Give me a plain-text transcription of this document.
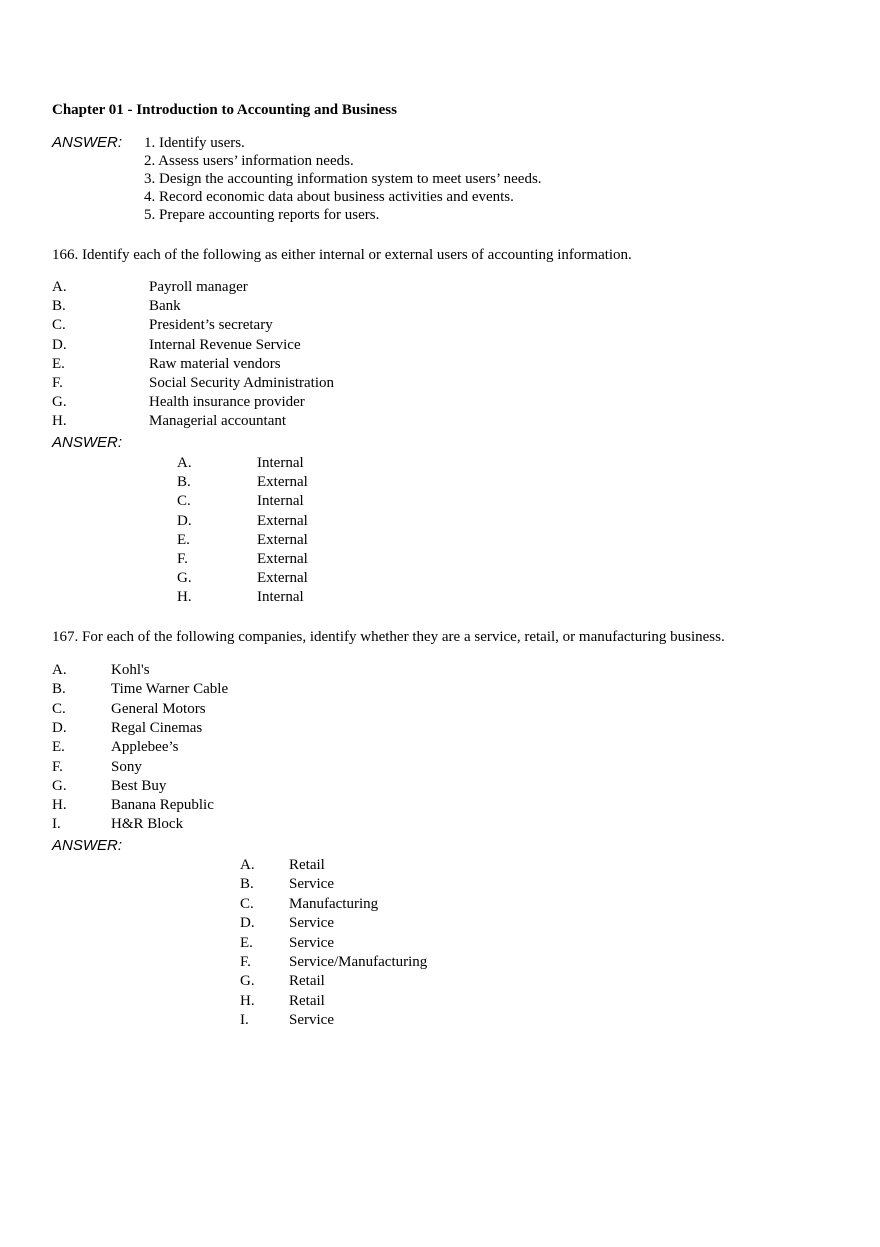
Chapter 01 - Introduction to Accounting and Business
ANSWER:
166. Identify each of the following as either internal or external users of accounting information.
ANSWER:
167. For each of the following companies, identify whether they are a service, retail, or manufacturing business.
ANSWER:
1. Identify users.
2. Assess users’ information needs.
3. Design the accounting information system to meet users’ needs.
4. Record economic data about business activities and events.
5. Prepare accounting reports for users.
A.	Payroll manager
B.	Bank
C.	President’s secretary
D.	Internal Revenue Service
E.	Raw material vendors
F.	Social Security Administration
G.	Health insurance provider
H.	Managerial accountant
A.	Internal
B.	External
C.	Internal
D.	External
E.	External
F.	External
G.	External
H.	Internal
A.	Kohl's
B.	Time Warner Cable
C.	General Motors
D.	Regal Cinemas
E.	Applebee’s
F.	Sony
G.	Best Buy
H.	Banana Republic
I.	H&R Block
A. Retail
B. Service
C. Manufacturing
D. Service
E. Service
F.	Service/Manufacturing
G. Retail
H. Retail
I.	Service
